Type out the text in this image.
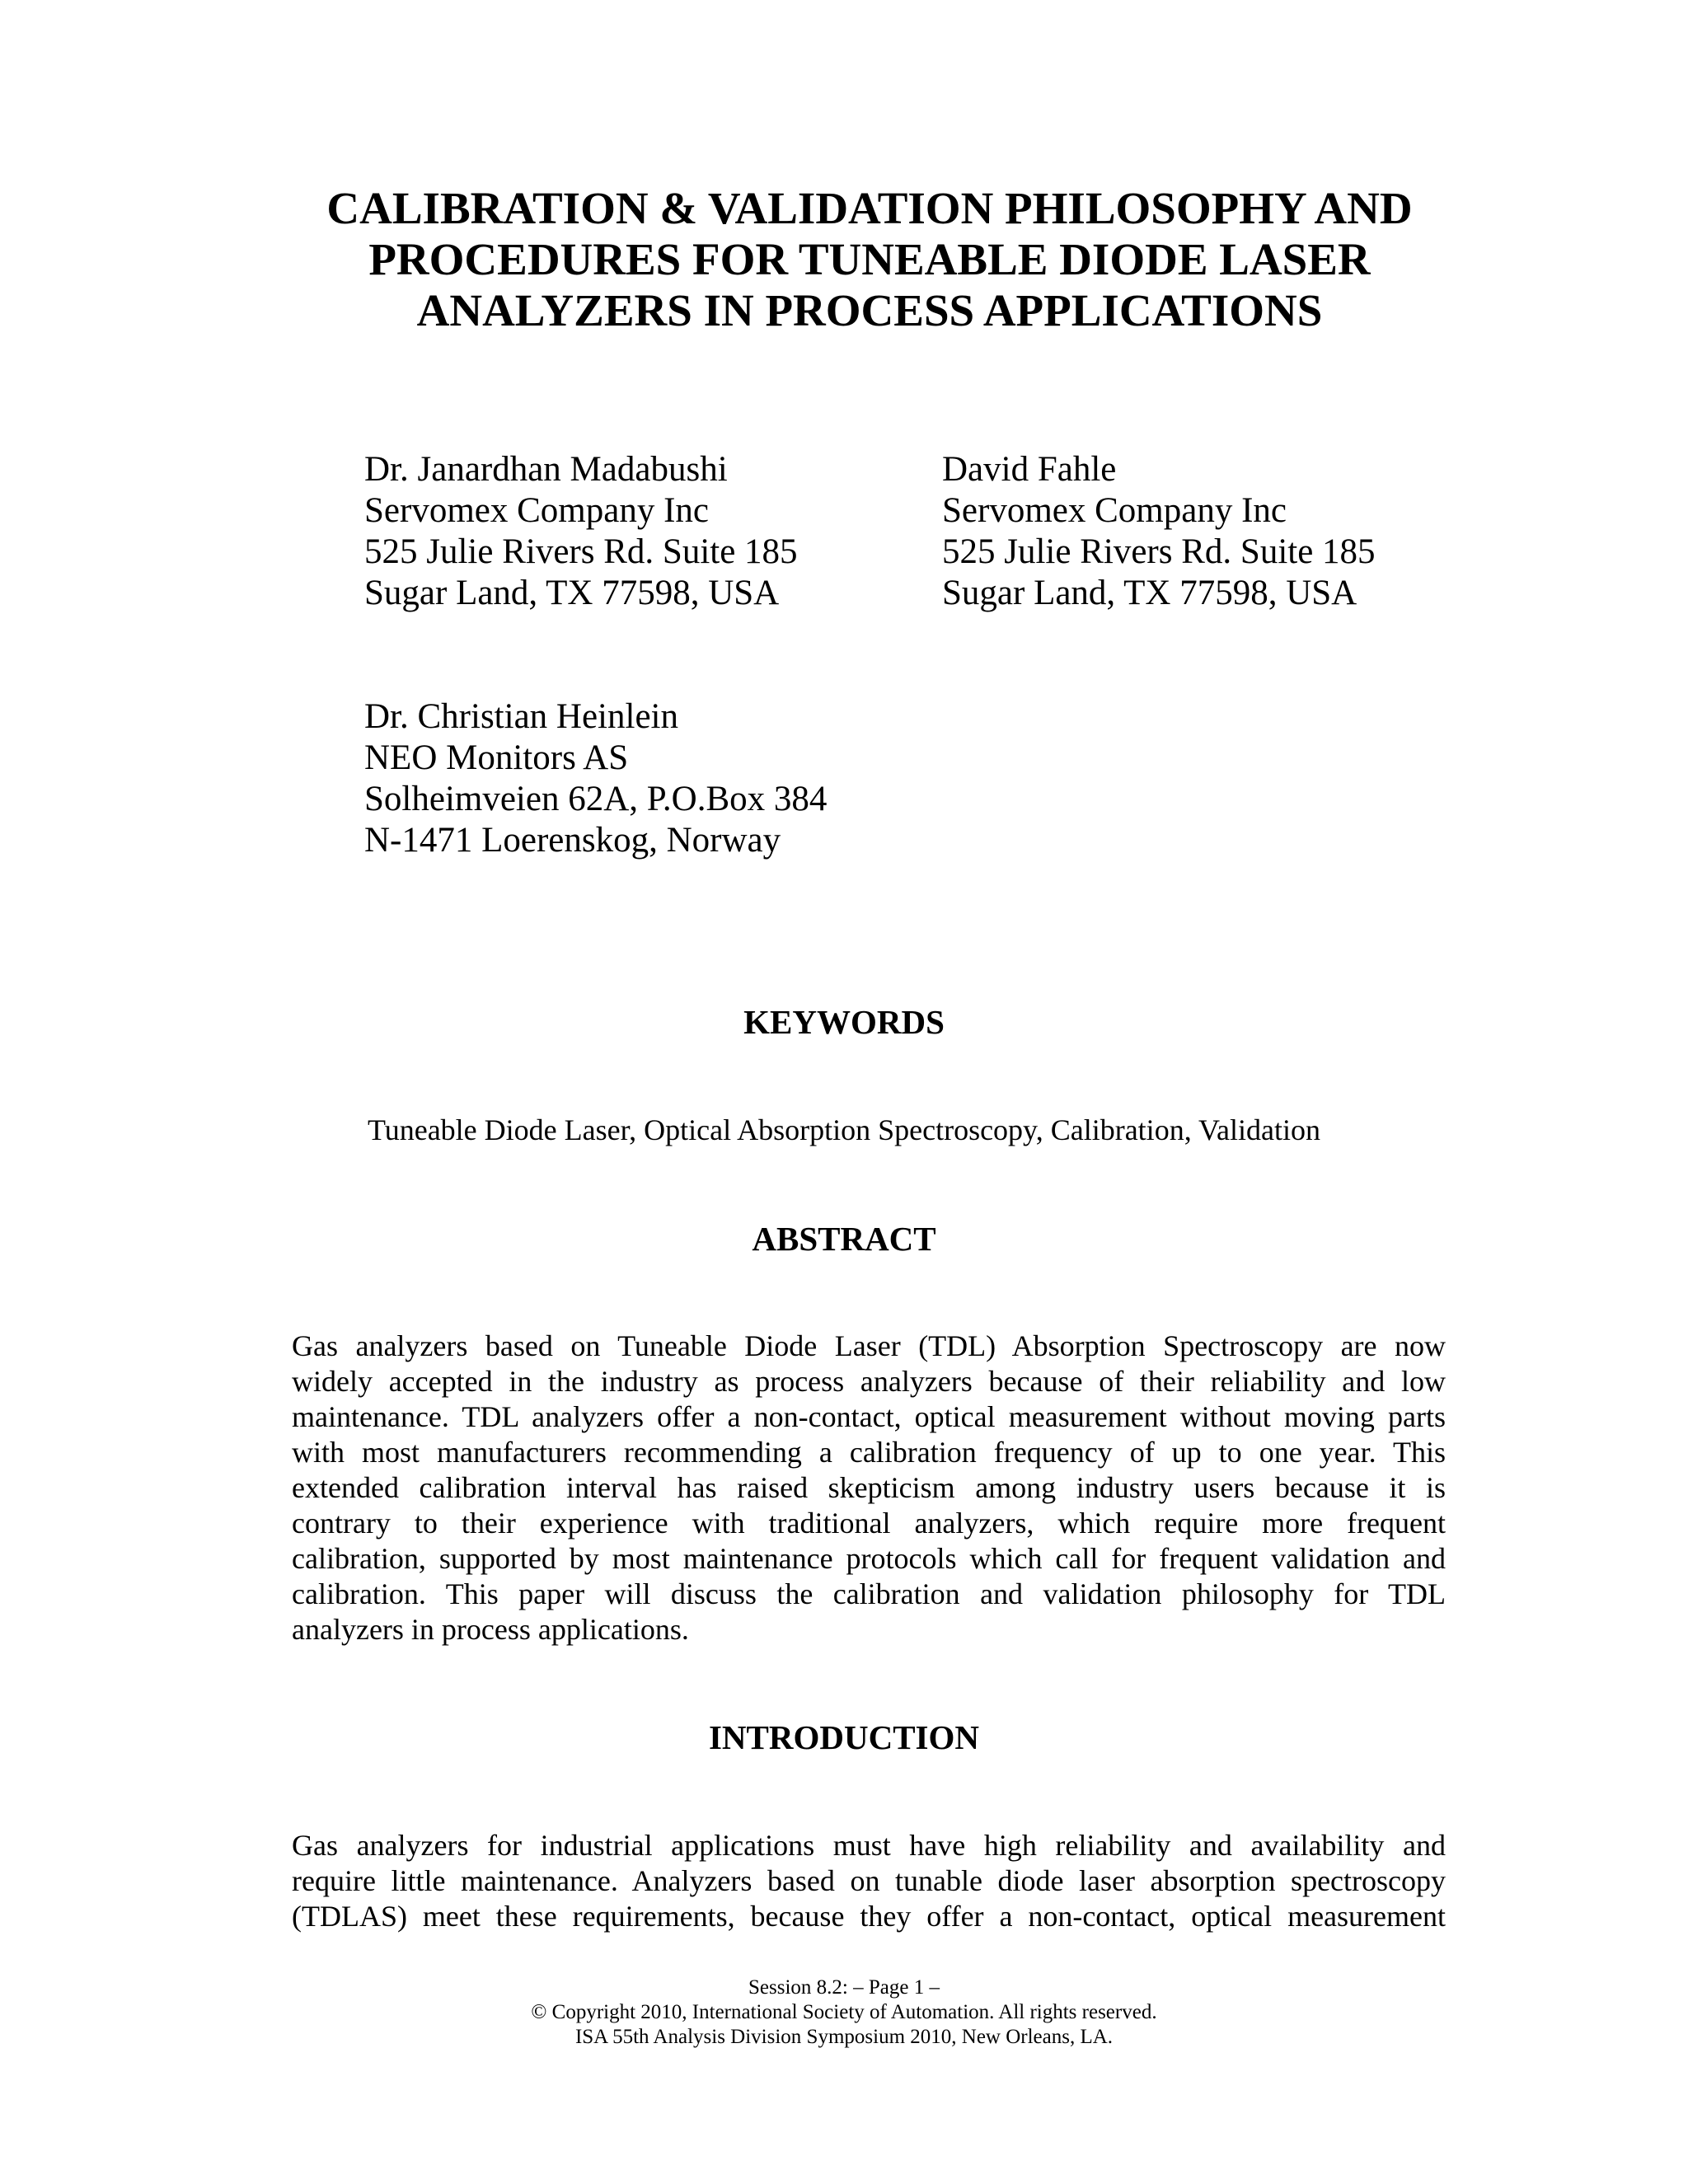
CALIBRATION & VALIDATION PHILOSOPHY AND
PROCEDURES FOR TUNEABLE DIODE LASER
ANALYZERS IN PROCESS APPLICATIONS
Dr. Janardhan Madabushi
Servomex Company Inc
525 Julie Rivers Rd. Suite 185
Sugar Land, TX 77598, USA
David Fahle
Servomex Company Inc
525 Julie Rivers Rd. Suite 185
Sugar Land, TX 77598, USA
Dr. Christian Heinlein
NEO Monitors AS
Solheimveien 62A, P.O.Box 384
N-1471 Loerenskog, Norway
KEYWORDS
Tuneable Diode Laser, Optical Absorption Spectroscopy, Calibration, Validation
ABSTRACT
Gas analyzers based on Tuneable Diode Laser (TDL) Absorption Spectroscopy are now
widely accepted in the industry as process analyzers because of their reliability and low
maintenance. TDL analyzers offer a non-contact, optical measurement without moving parts
with most manufacturers recommending a calibration frequency of up to one year. This
extended calibration interval has raised skepticism among industry users because it is
contrary to their experience with traditional analyzers, which require more frequent
calibration, supported by most maintenance protocols which call for frequent validation and
calibration. This paper will discuss the calibration and validation philosophy for TDL
analyzers in process applications.
INTRODUCTION
Gas analyzers for industrial applications must have high reliability and availability and
require little maintenance. Analyzers based on tunable diode laser absorption spectroscopy
(TDLAS) meet these requirements, because they offer a non-contact, optical measurement
Session 8.2: – Page 1 –
© Copyright 2010, International Society of Automation. All rights reserved.
ISA 55th Analysis Division Symposium 2010, New Orleans, LA.
